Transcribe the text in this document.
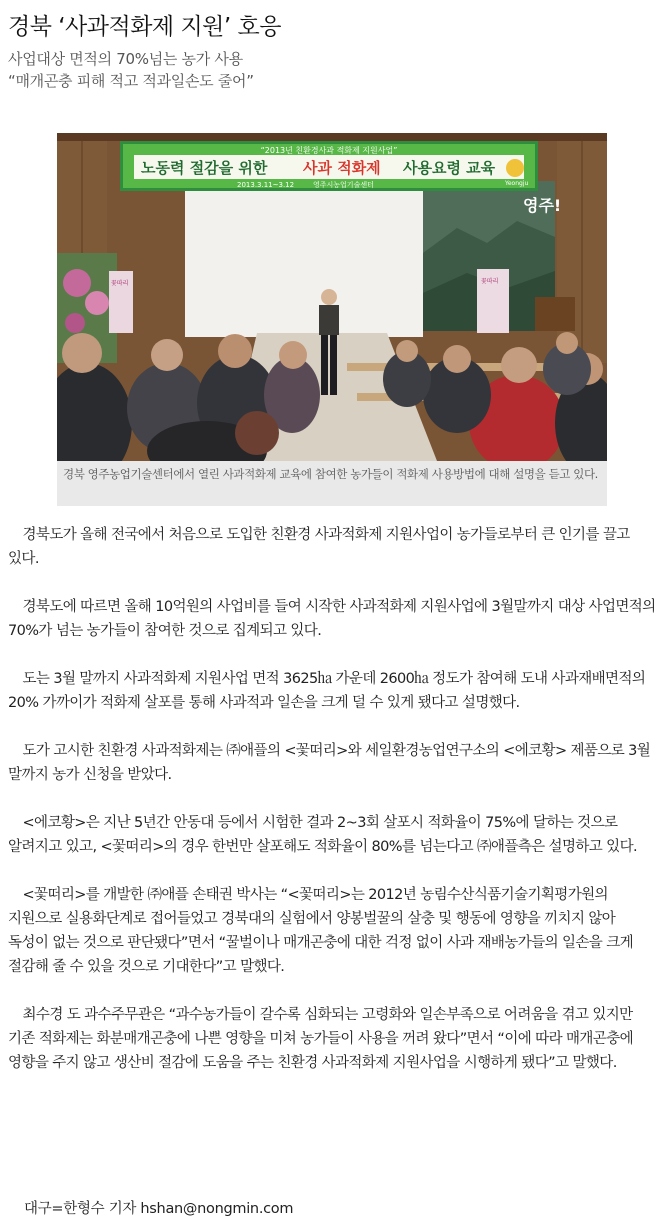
경북 ‘사과적화제 지원’ 호응
사업대상 면적의 70%넘는 농가 사용
“매개곤충 피해 적고 적과일손도 줄어”
영주!
“2013년 친환경사과 적화제 지원사업”
노동력 절감을 위한 사과 적화제 사용요령 교육
2013.3.11~3.12	영주시농업기술센터	Yeongju
꽃따리	꽃따리
경북 영주농업기술센터에서 열린 사과적화제 교육에 참여한 농가들이 적화제 사용방법에 대해 설명을 듣고 있다.

경북도가 올해 전국에서 처음으로 도입한 친환경 사과적화제 지원사업이 농가들로부터 큰 인기를 끌고 있다.

경북도에 따르면 올해 10억원의 사업비를 들여 시작한 사과적화제 지원사업에 3월말까지 대상 사업면적의 70%가 넘는 농가들이 참여한 것으로 집계되고 있다.

도는 3월 말까지 사과적화제 지원사업 면적 3625㏊ 가운데 2600㏊ 정도가 참여해 도내 사과재배면적의 20% 가까이가 적화제 살포를 통해 사과적과 일손을 크게 덜 수 있게 됐다고 설명했다.

도가 고시한 친환경 사과적화제는 ㈜애플의 <꽃떠리>와 세일환경농업연구소의 <에코황> 제품으로 3월 말까지 농가 신청을 받았다.

<에코황>은 지난 5년간 안동대 등에서 시험한 결과 2~3회 살포시 적화율이 75%에 달하는 것으로 알려지고 있고, <꽃떠리>의 경우 한번만 살포해도 적화율이 80%를 넘는다고 ㈜애플측은 설명하고 있다.

<꽃떠리>를 개발한 ㈜애플 손태권 박사는 “<꽃떠리>는 2012년 농림수산식품기술기획평가원의 지원으로 실용화단계로 접어들었고 경북대의 실험에서 양봉벌꿀의 살충 및 행동에 영향을 끼치지 않아 독성이 없는 것으로 판단됐다”면서 “꿀벌이나 매개곤충에 대한 걱정 없이 사과 재배농가들의 일손을 크게 절감해 줄 수 있을 것으로 기대한다”고 말했다.

최수경 도 과수주무관은 “과수농가들이 갈수록 심화되는 고령화와 일손부족으로 어려움을 겪고 있지만 기존 적화제는 화분매개곤충에 나쁜 영향을 미쳐 농가들이 사용을 꺼려 왔다”면서 “이에 따라 매개곤충에 영향을 주지 않고 생산비 절감에 도움을 주는 친환경 사과적화제 지원사업을 시행하게 됐다”고 말했다.

대구=한형수 기자 hshan@nongmin.com
